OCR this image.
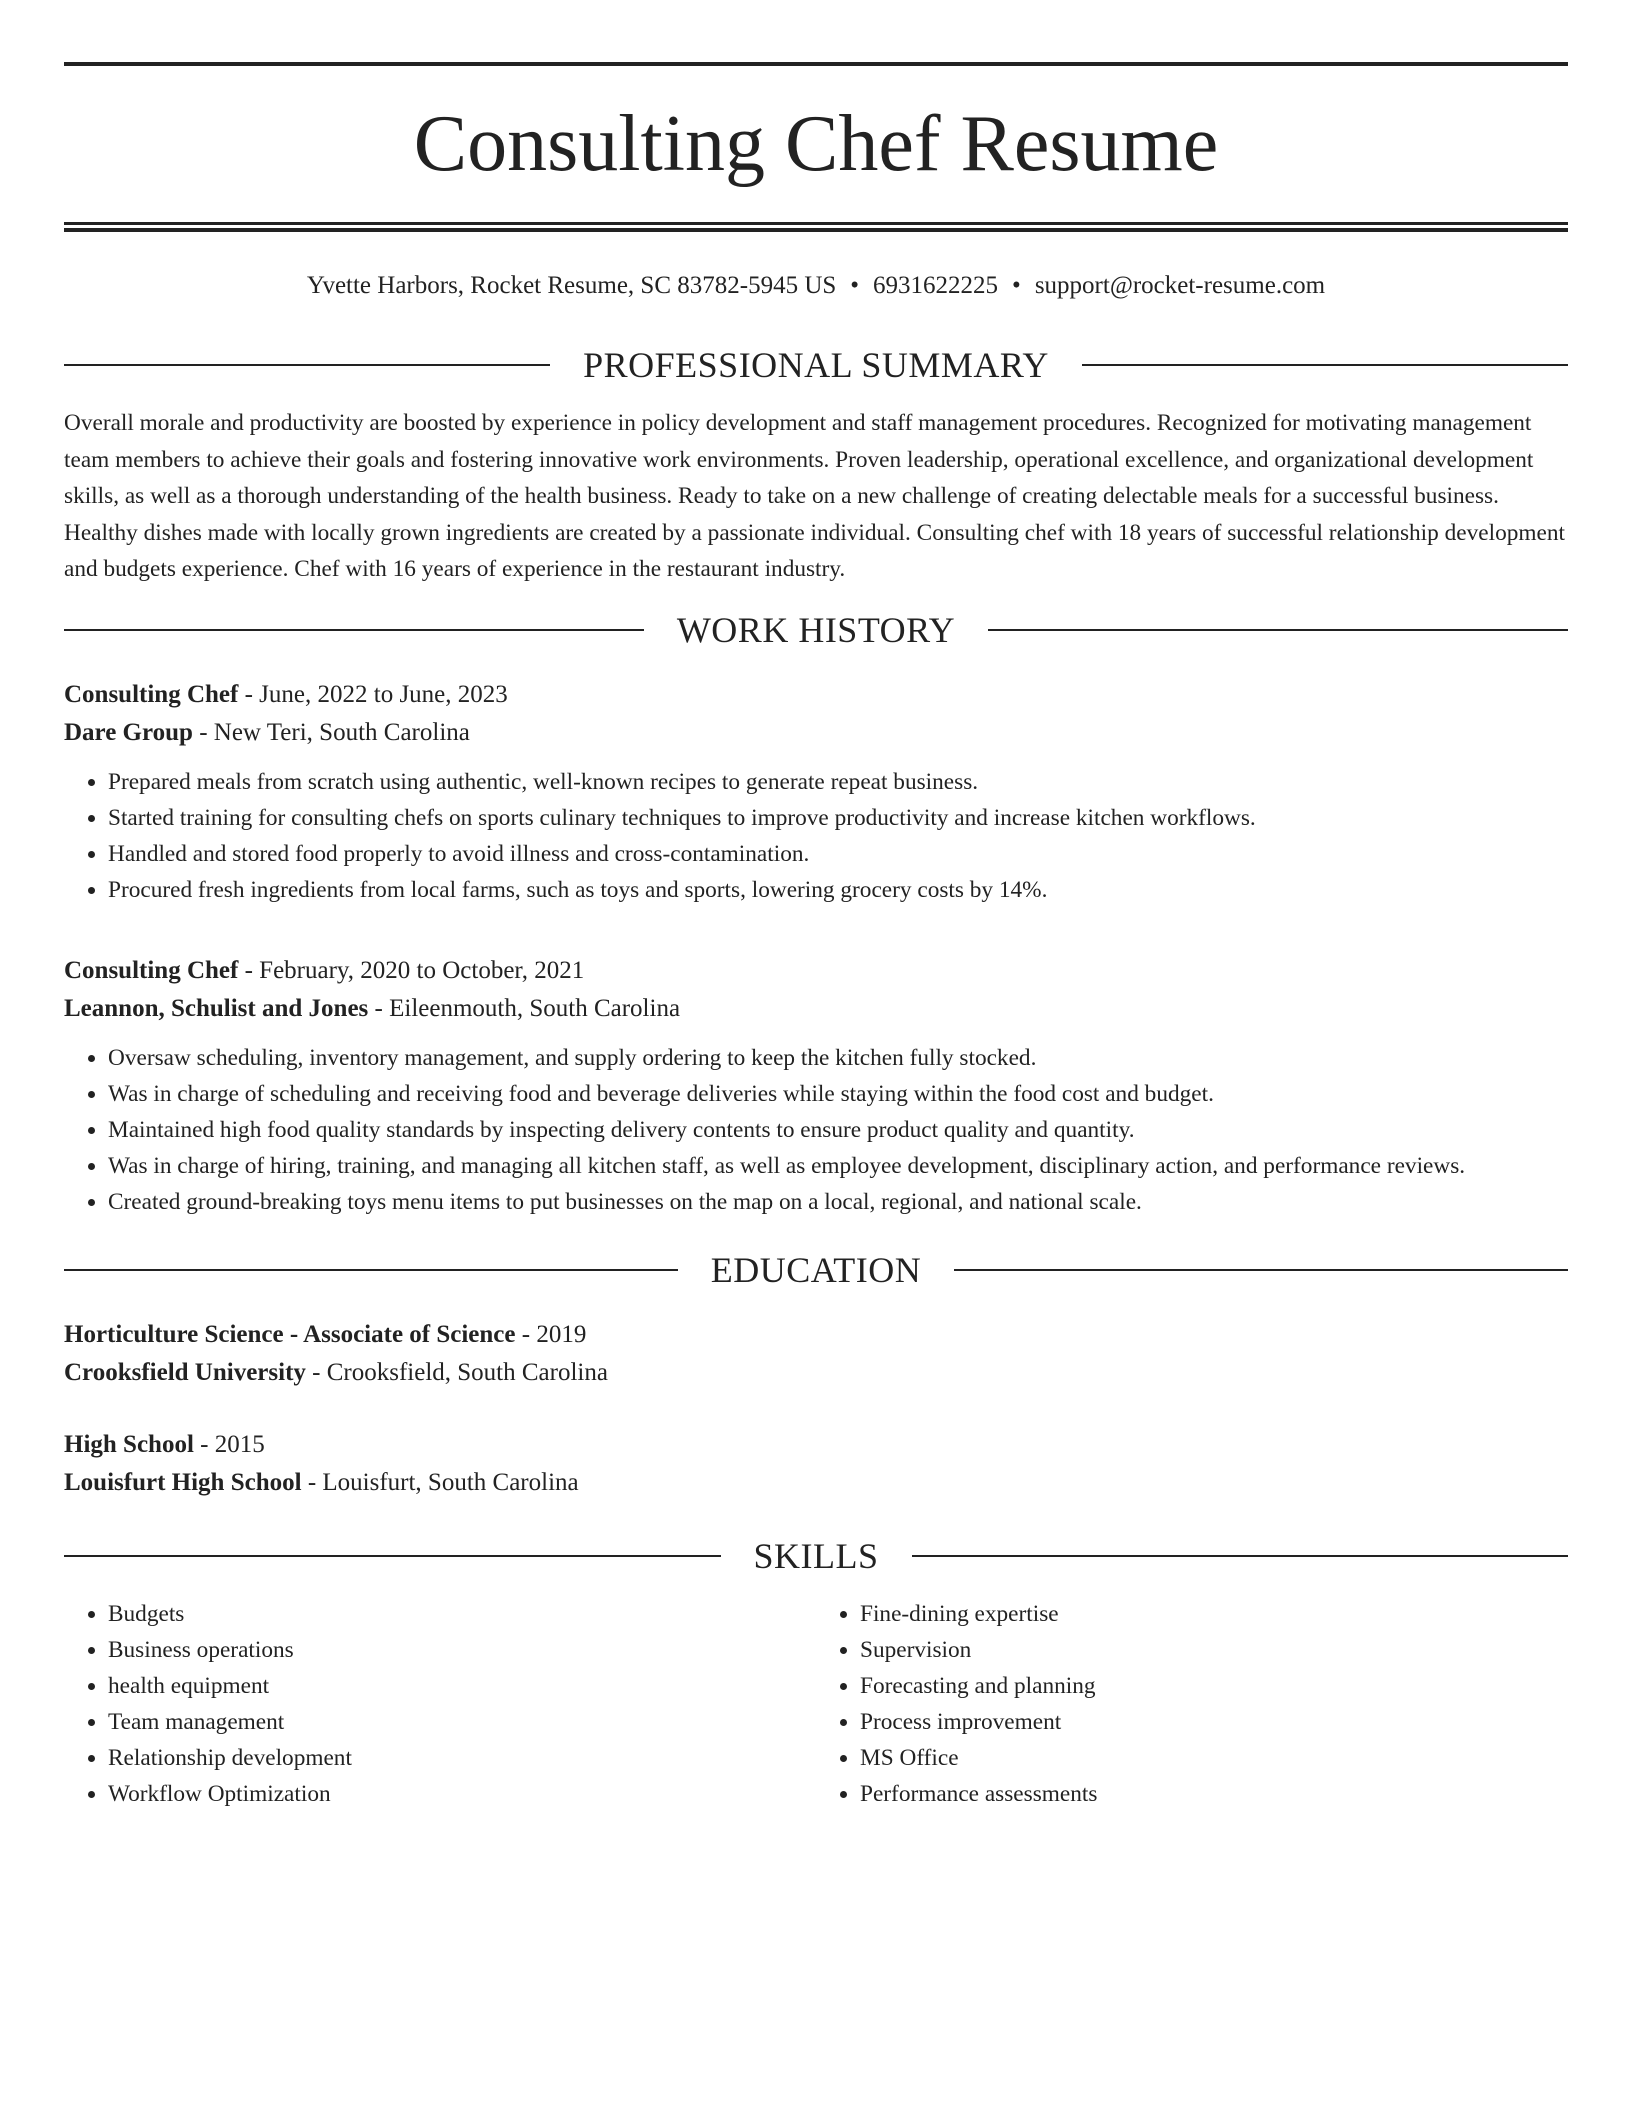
Consulting Chef Resume
Yvette Harbors, Rocket Resume, SC 83782-5945 US • 6931622225 • support@rocket-resume.com
PROFESSIONAL SUMMARY
Overall morale and productivity are boosted by experience in policy development and staff management procedures. Recognized for motivating management team members to achieve their goals and fostering innovative work environments. Proven leadership, operational excellence, and organizational development skills, as well as a thorough understanding of the health business. Ready to take on a new challenge of creating delectable meals for a successful business. Healthy dishes made with locally grown ingredients are created by a passionate individual. Consulting chef with 18 years of successful relationship development and budgets experience. Chef with 16 years of experience in the restaurant industry.
WORK HISTORY
Consulting Chef - June, 2022 to June, 2023
Dare Group - New Teri, South Carolina
• Prepared meals from scratch using authentic, well-known recipes to generate repeat business.
• Started training for consulting chefs on sports culinary techniques to improve productivity and increase kitchen workflows.
• Handled and stored food properly to avoid illness and cross-contamination.
• Procured fresh ingredients from local farms, such as toys and sports, lowering grocery costs by 14%.
Consulting Chef - February, 2020 to October, 2021
Leannon, Schulist and Jones - Eileenmouth, South Carolina
• Oversaw scheduling, inventory management, and supply ordering to keep the kitchen fully stocked.
• Was in charge of scheduling and receiving food and beverage deliveries while staying within the food cost and budget.
• Maintained high food quality standards by inspecting delivery contents to ensure product quality and quantity.
• Was in charge of hiring, training, and managing all kitchen staff, as well as employee development, disciplinary action, and performance reviews.
• Created ground-breaking toys menu items to put businesses on the map on a local, regional, and national scale.
EDUCATION
Horticulture Science - Associate of Science - 2019
Crooksfield University - Crooksfield, South Carolina
High School - 2015
Louisfurt High School - Louisfurt, South Carolina
SKILLS
• Budgets
• Business operations
• health equipment
• Team management
• Relationship development
• Workflow Optimization
• Fine-dining expertise
• Supervision
• Forecasting and planning
• Process improvement
• MS Office
• Performance assessments
